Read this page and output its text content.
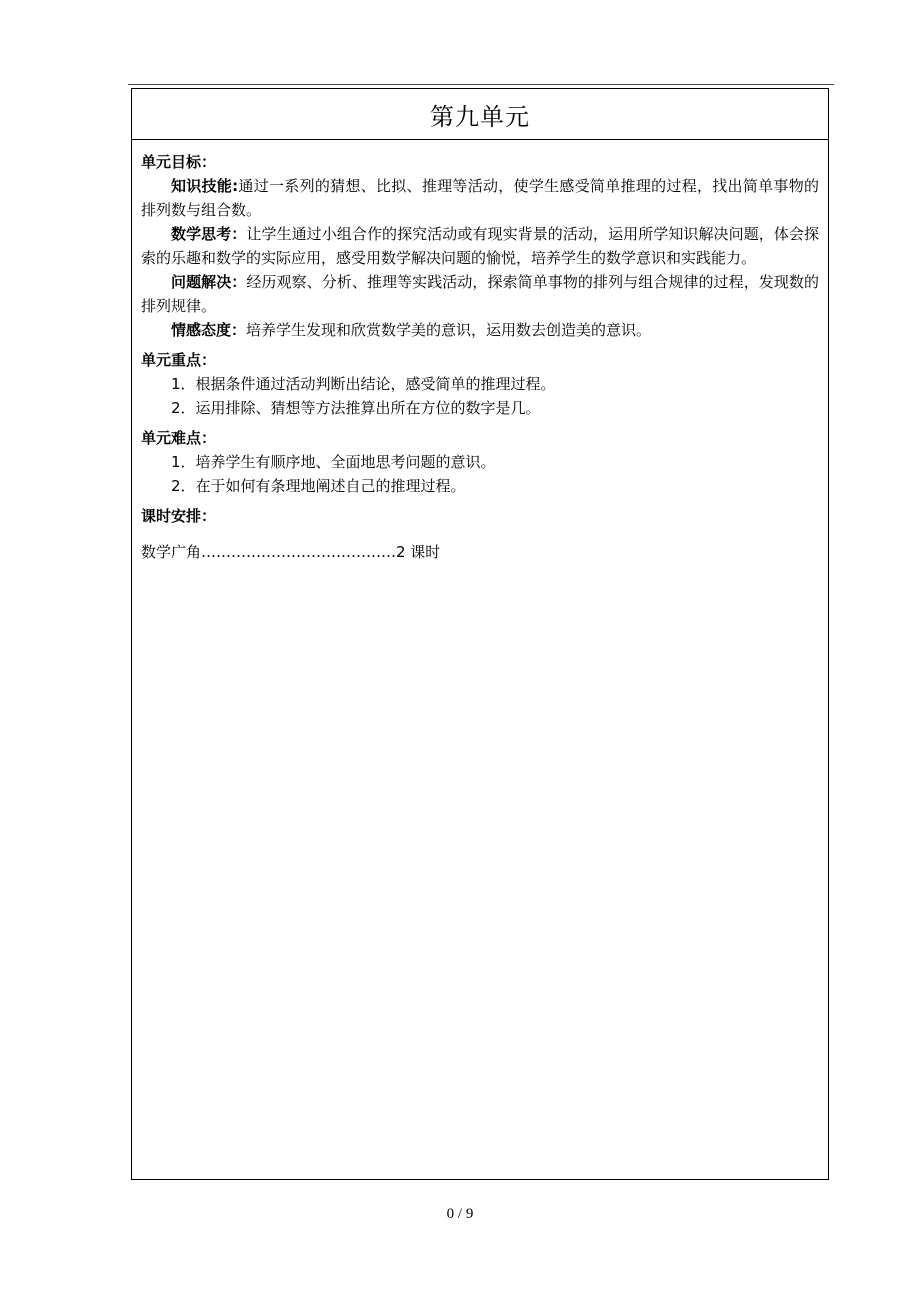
第九单元

单元目标：

知识技能:通过一系列的猜想、比拟、推理等活动，使学生感受简单推理的过程，找出简单事物的排列数与组合数。

数学思考：让学生通过小组合作的探究活动或有现实背景的活动，运用所学知识解决问题，体会探索的乐趣和数学的实际应用，感受用数学解决问题的愉悦，培养学生的数学意识和实践能力。

问题解决：经历观察、分析、推理等实践活动，探索简单事物的排列与组合规律的过程，发现数的排列规律。

情感态度：培养学生发现和欣赏数学美的意识，运用数去创造美的意识。

单元重点：

1．根据条件通过活动判断出结论，感受简单的推理过程。

2．运用排除、猜想等方法推算出所在方位的数字是几。

单元难点：

1．培养学生有顺序地、全面地思考问题的意识。

2．在于如何有条理地阐述自己的推理过程。

课时安排：

数学广角…………………………………2 课时

0 / 9
